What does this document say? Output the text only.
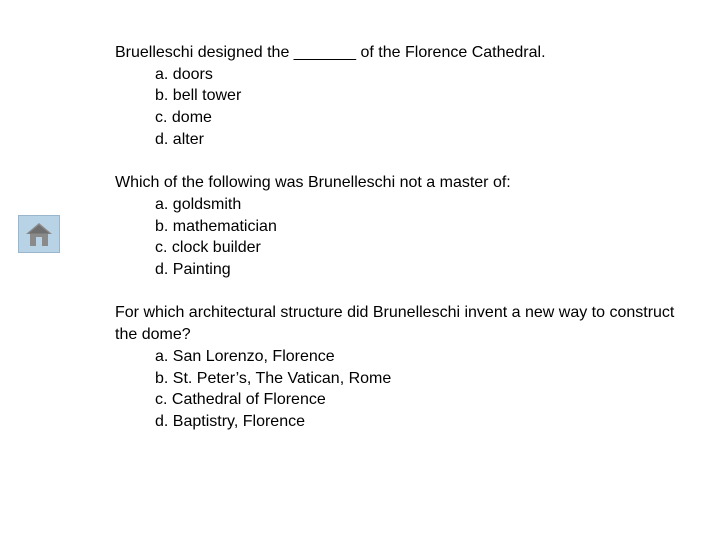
Bruelleschi designed the _______ of the Florence Cathedral.

a. doors
b. bell tower
c. dome
d. alter

Which of the following was Brunelleschi not a master of:

a. goldsmith
b. mathematician
c. clock builder
d. Painting

For which architectural structure did Brunelleschi invent a new way to construct the dome?

a. San Lorenzo, Florence
b. St. Peter’s, The Vatican, Rome
c. Cathedral of Florence
d. Baptistry, Florence
